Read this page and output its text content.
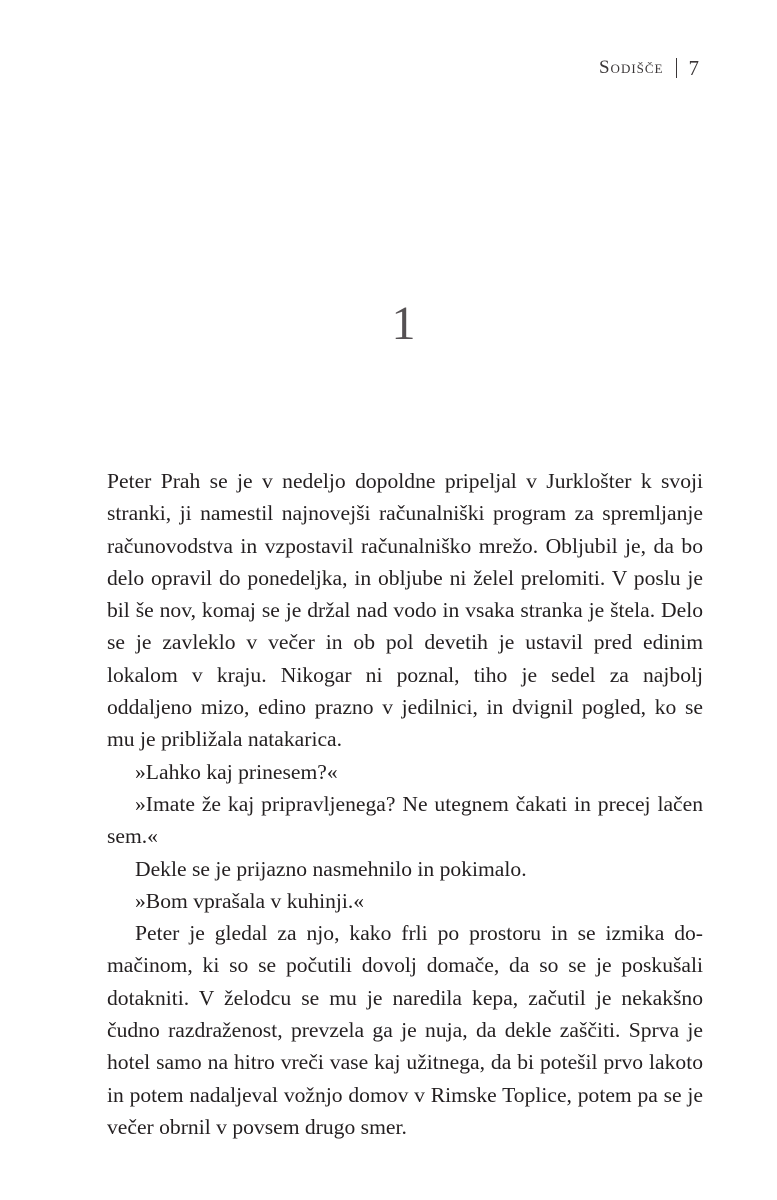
Sodišče 7
1

Peter Prah se je v nedeljo dopoldne pripeljal v Jurklošter k svoji stranki, ji namestil najnovejši računalniški program za spremljanje računovodstva in vzpostavil računalniško mrežo. Obljubil je, da bo delo opravil do ponedeljka, in obljube ni želel prelomiti. V poslu je bil še nov, komaj se je držal nad vodo in vsaka stranka je štela. Delo se je zavleklo v večer in ob pol devetih je ustavil pred edinim lokalom v kraju. Nikogar ni poznal, tiho je sedel za najbolj oddaljeno mizo, edino prazno v jedilnici, in dvignil pogled, ko se mu je približala natakarica.

»Lahko kaj prinesem?«

»Imate že kaj pripravljenega? Ne utegnem čakati in precej lačen sem.«

Dekle se je prijazno nasmehnilo in pokimalo.

»Bom vprašala v kuhinji.«

Peter je gledal za njo, kako frli po prostoru in se izmika domačinom, ki so se počutili dovolj domače, da so se je poskušali dotakniti. V želodcu se mu je naredila kepa, začutil je nekakšno čudno razdraženost, prevzela ga je nuja, da dekle zaščiti. Sprva je hotel samo na hitro vreči vase kaj užitnega, da bi potešil prvo lakoto in potem nadaljeval vožnjo domov v Rimske Toplice, potem pa se je večer obrnil v povsem drugo smer.
